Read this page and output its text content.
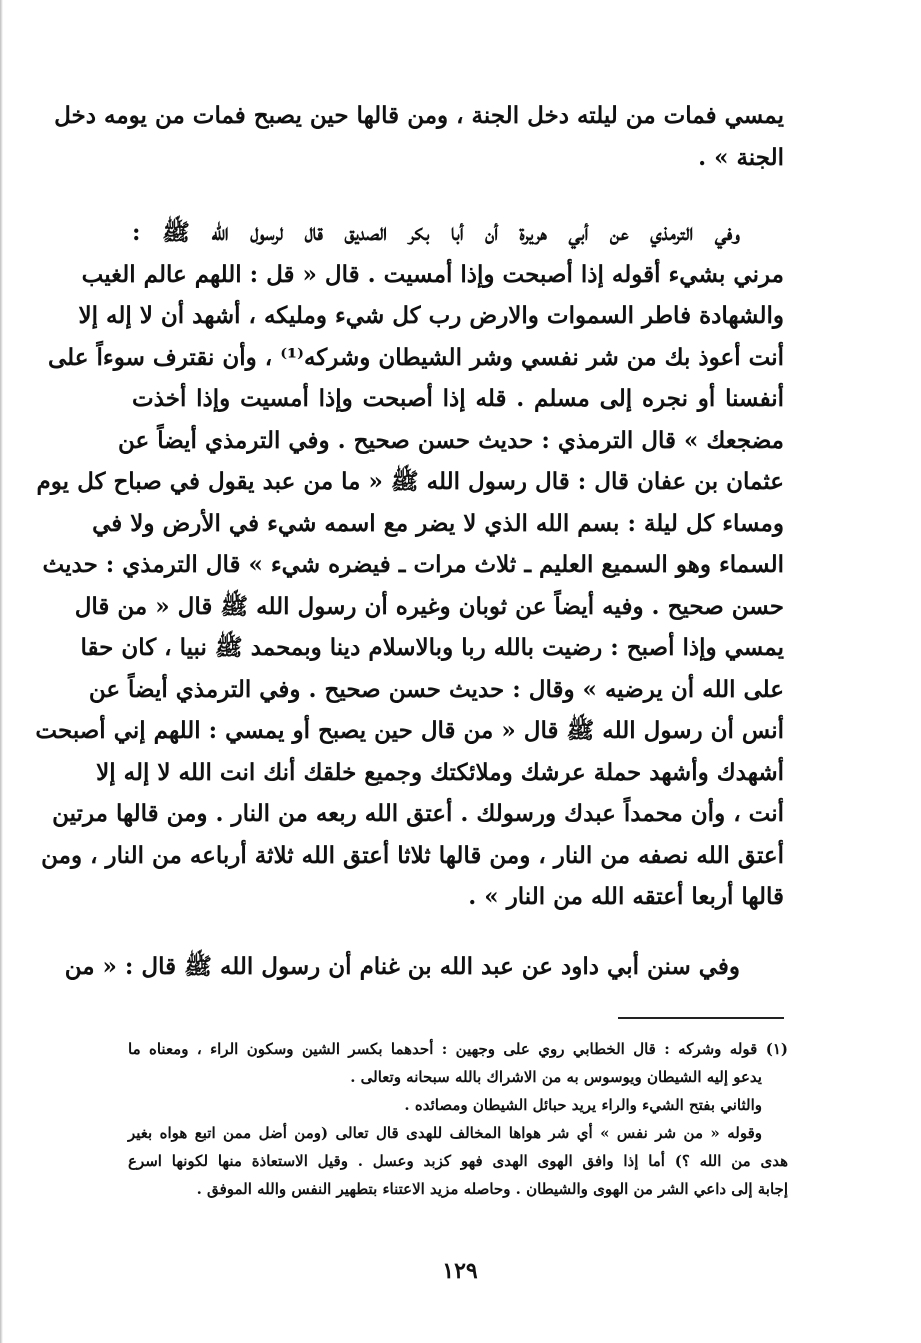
يمسي فمات من ليلته دخل الجنة ، ومن قالها حين يصبح فمات من يومه دخل
الجنة » .
وفي الترمذي عن أبي هريرة أن أبا بكر الصديق قال لرسول الله ﷺ :
مرني بشيء أقوله إذا أصبحت وإذا أمسيت . قال « قل : اللهم عالم الغيب
والشهادة فاطر السموات والارض رب كل شيء ومليكه ، أشهد أن لا إله إلا
أنت أعوذ بك من شر نفسي وشر الشيطان وشركه⁽¹⁾ ، وأن نقترف سوءاً على
أنفسنا أو نجره إلى مسلم . قله إذا أصبحت وإذا أمسيت وإذا أخذت
مضجعك » قال الترمذي : حديث حسن صحيح . وفي الترمذي أيضاً عن
عثمان بن عفان قال : قال رسول الله ﷺ « ما من عبد يقول في صباح كل يوم
ومساء كل ليلة : بسم الله الذي لا يضر مع اسمه شيء في الأرض ولا في
السماء وهو السميع العليم ـ ثلاث مرات ـ فيضره شيء » قال الترمذي : حديث
حسن صحيح . وفيه أيضاً عن ثوبان وغيره أن رسول الله ﷺ قال « من قال
يمسي وإذا أصبح : رضيت بالله ربا وبالاسلام دينا وبمحمد ﷺ نبيا ، كان حقا
على الله أن يرضيه » وقال : حديث حسن صحيح . وفي الترمذي أيضاً عن
أنس أن رسول الله ﷺ قال « من قال حين يصبح أو يمسي : اللهم إني أصبحت
أشهدك وأشهد حملة عرشك وملائكتك وجميع خلقك أنك انت الله لا إله إلا
أنت ، وأن محمداً عبدك ورسولك . أعتق الله ربعه من النار . ومن قالها مرتين
أعتق الله نصفه من النار ، ومن قالها ثلاثا أعتق الله ثلاثة أرباعه من النار ، ومن
قالها أربعا أعتقه الله من النار » .
وفي سنن أبي داود عن عبد الله بن غنام أن رسول الله ﷺ قال : « من
(١) قوله وشركه : قال الخطابي روي على وجهين : أحدهما بكسر الشين وسكون الراء ، ومعناه ما
يدعو إليه الشيطان ويوسوس به من الاشراك بالله سبحانه وتعالى .
والثاني بفتح الشيء والراء يريد حبائل الشيطان ومصائده .
وقوله « من شر نفس » أي شر هواها المخالف للهدى قال تعالى (ومن أضل ممن اتبع هواه بغير
هدى من الله ؟) أما إذا وافق الهوى الهدى فهو كزبد وعسل . وقيل الاستعاذة منها لكونها اسرع
إجابة إلى داعي الشر من الهوى والشيطان . وحاصله مزيد الاعتناء بتطهير النفس والله الموفق .
١٢٩
